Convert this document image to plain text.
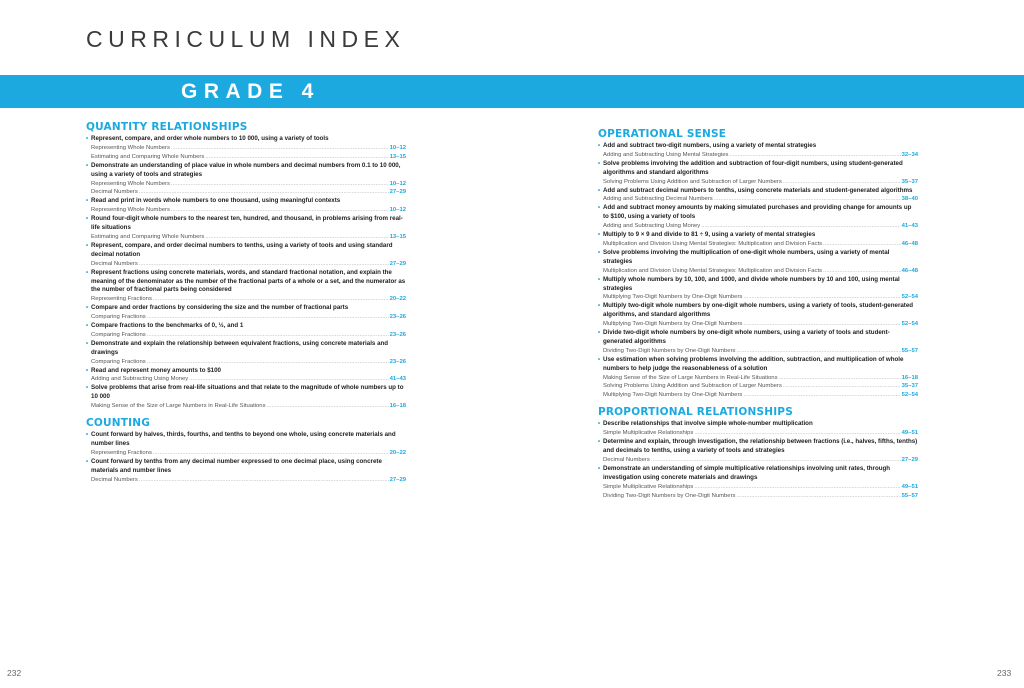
CURRICULUM INDEX
GRADE 4
QUANTITY RELATIONSHIPS
• Represent, compare, and order whole numbers to 10 000, using a variety of tools
Representing Whole Numbers .....	10–12
Estimating and Comparing Whole Numbers .....	13–15
• Demonstrate an understanding of place value in whole numbers and decimal numbers from 0.1 to 10 000, using a variety of tools and strategies
Representing Whole Numbers .....	10–12
Decimal Numbers .....	27–29
• Read and print in words whole numbers to one thousand, using meaningful contexts
Representing Whole Numbers .....	10–12
• Round four-digit whole numbers to the nearest ten, hundred, and thousand, in problems arising from real-life situations
Estimating and Comparing Whole Numbers .....	13–15
• Represent, compare, and order decimal numbers to tenths, using a variety of tools and using standard decimal notation
Decimal Numbers .....	27–29
• Represent fractions using concrete materials, words, and standard fractional notation, and explain the meaning of the denominator as the number of the fractional parts of a whole or a set, and the numerator as the number of fractional parts being considered
Representing Fractions .....	20–22
• Compare and order fractions by considering the size and the number of fractional parts
Comparing Fractions .....	23–26
• Compare fractions to the benchmarks of 0, ½, and 1
Comparing Fractions .....	23–26
• Demonstrate and explain the relationship between equivalent fractions, using concrete materials and drawings
Comparing Fractions .....	23–26
• Read and represent money amounts to $100
Adding and Subtracting Using Money .....	41–43
• Solve problems that arise from real-life situations and that relate to the magnitude of whole numbers up to 10 000
Making Sense of the Size of Large Numbers in Real-Life Situations .....	16–18
COUNTING
• Count forward by halves, thirds, fourths, and tenths to beyond one whole, using concrete materials and number lines
Representing Fractions .....	20–22
• Count forward by tenths from any decimal number expressed to one decimal place, using concrete materials and number lines
Decimal Numbers .....	27–29
OPERATIONAL SENSE
• Add and subtract two-digit numbers, using a variety of mental strategies
Adding and Subtracting Using Mental Strategies .....	32–34
• Solve problems involving the addition and subtraction of four-digit numbers, using student-generated algorithms and standard algorithms
Solving Problems Using Addition and Subtraction of Larger Numbers .....	35–37
• Add and subtract decimal numbers to tenths, using concrete materials and student-generated algorithms
Adding and Subtracting Decimal Numbers .....	38–40
• Add and subtract money amounts by making simulated purchases and providing change for amounts up to $100, using a variety of tools
Adding and Subtracting Using Money .....	41–43
• Multiply to 9 × 9 and divide to 81 ÷ 9, using a variety of mental strategies
Multiplication and Division Using Mental Strategies: Multiplication and Division Facts .....	46–48
• Solve problems involving the multiplication of one-digit whole numbers, using a variety of mental strategies
Multiplication and Division Using Mental Strategies: Multiplication and Division Facts .....	46–48
• Multiply whole numbers by 10, 100, and 1000, and divide whole numbers by 10 and 100, using mental strategies
Multiplying Two-Digit Numbers by One-Digit Numbers .....	52–54
• Multiply two-digit whole numbers by one-digit whole numbers, using a variety of tools, student-generated algorithms, and standard algorithms
Multiplying Two-Digit Numbers by One-Digit Numbers .....	52–54
• Divide two-digit whole numbers by one-digit whole numbers, using a variety of tools and student-generated algorithms
Dividing Two-Digit Numbers by One-Digit Numbers .....	55–57
• Use estimation when solving problems involving the addition, subtraction, and multiplication of whole numbers to help judge the reasonableness of a solution
Making Sense of the Size of Large Numbers in Real-Life Situations .....	16–18
Solving Problems Using Addition and Subtraction of Larger Numbers .....	35–37
Multiplying Two-Digit Numbers by One-Digit Numbers .....	52–54
PROPORTIONAL RELATIONSHIPS
• Describe relationships that involve simple whole-number multiplication
Simple Multiplicative Relationships .....	49–51
• Determine and explain, through investigation, the relationship between fractions (i.e., halves, fifths, tenths) and decimals to tenths, using a variety of tools and strategies
Decimal Numbers .....	27–29
• Demonstrate an understanding of simple multiplicative relationships involving unit rates, through investigation using concrete materials and drawings
Simple Multiplicative Relationships .....	49–51
Dividing Two-Digit Numbers by One-Digit Numbers .....	55–57
232	233
